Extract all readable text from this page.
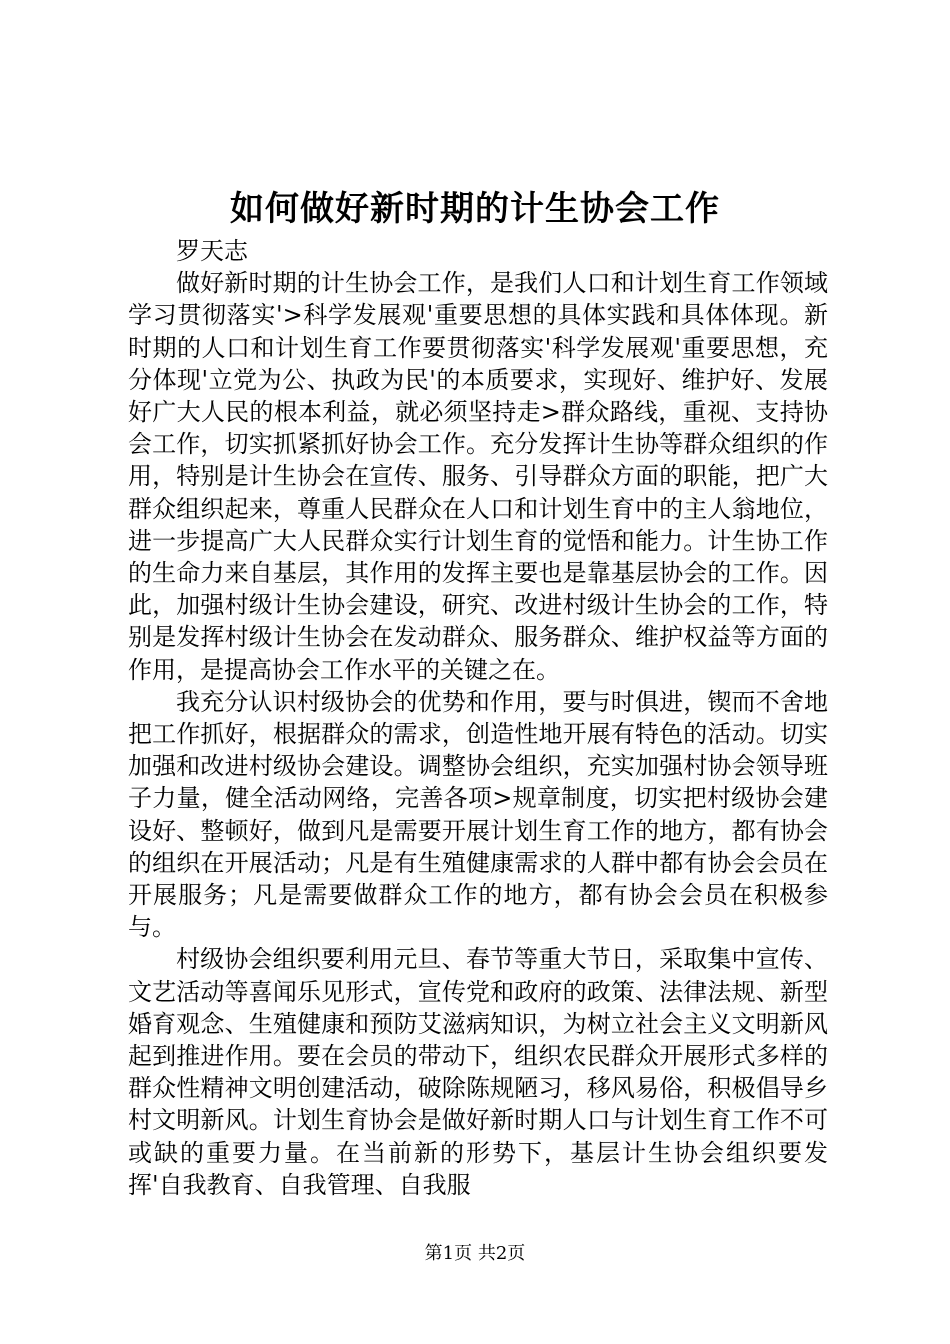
如何做好新时期的计生协会工作

罗天志

做好新时期的计生协会工作，是我们人口和计划生育工作领域学习贯彻落实'>科学发展观'重要思想的具体实践和具体体现。新时期的人口和计划生育工作要贯彻落实'科学发展观'重要思想，充分体现'立党为公、执政为民'的本质要求，实现好、维护好、发展好广大人民的根本利益，就必须坚持走>群众路线，重视、支持协会工作，切实抓紧抓好协会工作。充分发挥计生协等群众组织的作用，特别是计生协会在宣传、服务、引导群众方面的职能，把广大群众组织起来，尊重人民群众在人口和计划生育中的主人翁地位，进一步提高广大人民群众实行计划生育的觉悟和能力。计生协工作的生命力来自基层，其作用的发挥主要也是靠基层协会的工作。因此，加强村级计生协会建设，研究、改进村级计生协会的工作，特别是发挥村级计生协会在发动群众、服务群众、维护权益等方面的作用，是提高协会工作水平的关键之在。

我充分认识村级协会的优势和作用，要与时俱进，锲而不舍地把工作抓好，根据群众的需求，创造性地开展有特色的活动。切实加强和改进村级协会建设。调整协会组织，充实加强村协会领导班子力量，健全活动网络，完善各项>规章制度，切实把村级协会建设好、整顿好，做到凡是需要开展计划生育工作的地方，都有协会的组织在开展活动；凡是有生殖健康需求的人群中都有协会会员在开展服务；凡是需要做群众工作的地方，都有协会会员在积极参与。

村级协会组织要利用元旦、春节等重大节日，采取集中宣传、文艺活动等喜闻乐见形式，宣传党和政府的政策、法律法规、新型婚育观念、生殖健康和预防艾滋病知识，为树立社会主义文明新风起到推进作用。要在会员的带动下，组织农民群众开展形式多样的群众性精神文明创建活动，破除陈规陋习，移风易俗，积极倡导乡村文明新风。计划生育协会是做好新时期人口与计划生育工作不可或缺的重要力量。在当前新的形势下，基层计生协会组织要发挥'自我教育、自我管理、自我服

第1页 共2页
